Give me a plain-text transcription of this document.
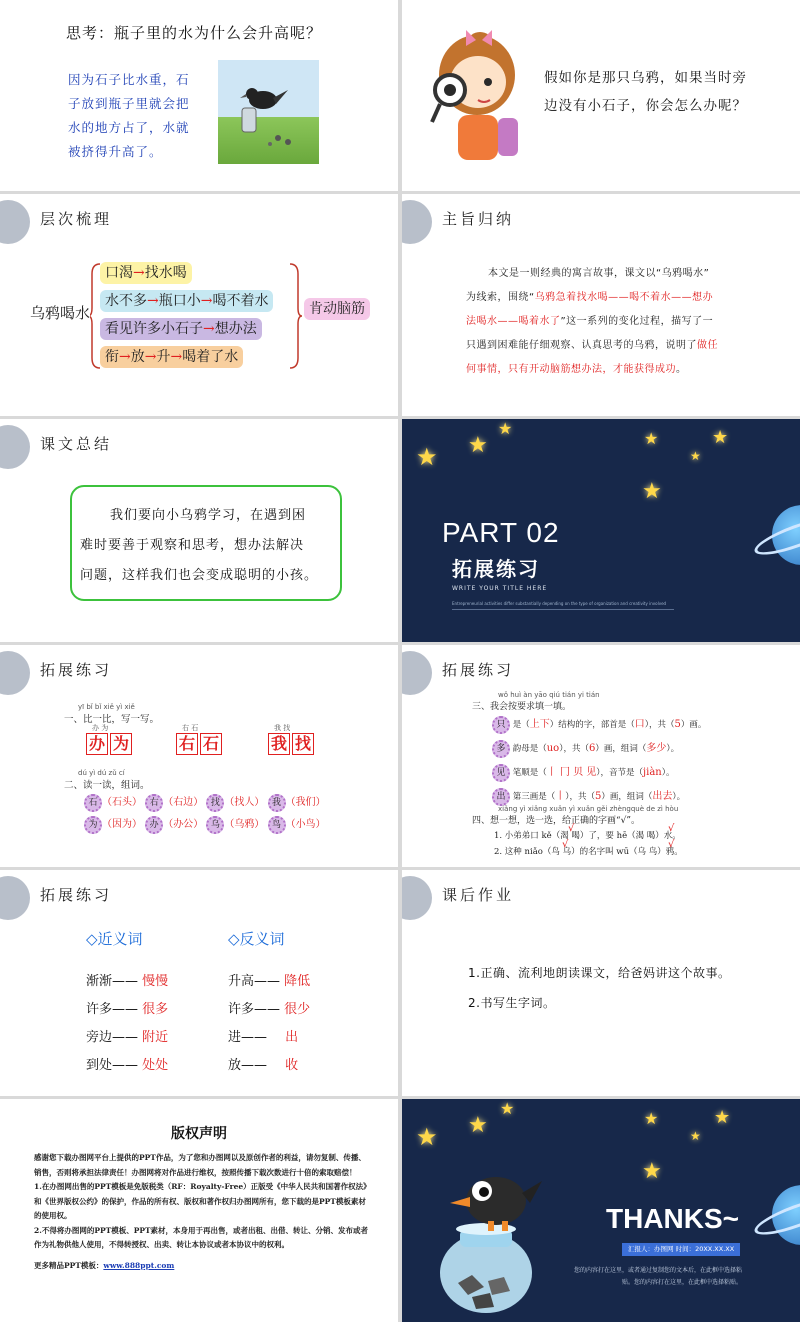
思考：瓶子里的水为什么会升高呢？
因为石子比水重，石
子放到瓶子里就会把
水的地方占了，水就
被挤得升高了。
假如你是那只乌鸦，如果当时旁
边没有小石子，你会怎么办呢？
层次梳理
乌鸦喝水
口渴→找水喝
水不多→瓶口小→喝不着水
看见许多小石子→想办法
衔→放→升→喝着了水
肯动脑筋
主旨归纳
本文是一则经典的寓言故事，课文以“乌鸦喝水”
为线索，围绕“乌鸦急着找水喝——喝不着水——想办
法喝水——喝着水了”这一系列的变化过程，描写了一
只遇到困难能仔细观察、认真思考的乌鸦，说明了做任
何事情，只有开动脑筋想办法，才能获得成功。
课文总结
我们要向小乌鸦学习，在遇到困
难时要善于观察和思考，想办法解决
问题，这样我们也会变成聪明的小孩。
★ ★
★
★
★
★
★
PART 02
拓展练习
WRITE YOUR TITLE HERE
Entrepreneurial activities differ substantially depending on the type of organization and creativity involved
拓展练习
yī bǐ bǐ xiě yì xiě
一、比一比，写一写。
办 为
办 为
右 石
右 石
我 找
我 找
dú yì dú zǔ cí
二、读一读，组词。
石 （石头） 右 （右边） 找 （找人） 我 （我们）
为 （因为） 办 （办公） 乌 （乌鸦） 鸟 （小鸟）
拓展练习
wǒ huì àn yāo qiú tián yi tián
三、我会按要求填一填。
只 是（上下）结构的字，部首是（口），共（5）画。
多 韵母是（uo），共（6）画，组词（多少）。
见 笔顺是（丨 冂 贝 见），音节是（jiàn）。
出 第三画是（丨），共（5）画，组词（出去）。
xiǎng yì xiǎng xuǎn yì xuǎn gěi zhèngquè de zì hòu
四、想一想，选一选，给正确的字画“√”。
1. 小弟弟口 kě（渴 喝）了，要 hē（渴 喝）水。
2. 这种 niǎo（鸟 乌）的名字叫 wū（乌 鸟）鸦。
√	√
√	√
拓展练习
◇近义词	◇反义词
渐渐—— 慢慢
许多—— 很多
旁边—— 附近
到处—— 处处
升高—— 降低
许多—— 很少
进—— 出
放—— 收
课后作业
1.正确、流利地朗读课文，给爸妈讲这个故事。
2.书写生字词。
版权声明
感谢您下载办图网平台上提供的PPT作品，为了您和办图网以及原创作者的利益，请勿复制、传播、销售，否则将承担法律责任！办图网将对作品进行维权，按照传播下载次数进行十倍的索取赔偿！
1.在办图网出售的PPT模板是免版税类（RF：Royalty-Free）正版受《中华人民共和国著作权法》和《世界版权公约》的保护，作品的所有权、版权和著作权归办图网所有，您下载的是PPT模板素材的使用权。
2.不得将办图网的PPT模板、PPT素材，本身用于再出售，或者出租、出借、转让、分销、发布或者作为礼物供他人使用，不得转授权、出卖、转让本协议或者本协议中的权利。
更多精品PPT模板：www.888ppt.com
★ ★
★
★
★
★
★
THANKS~
汇报人：办图网 时间：20XX.XX.XX
您的内容打在这里，或者通过复制您的文本后，在此框中选择粘
贴。您的内容打在这里，在此框中选择粘贴。
